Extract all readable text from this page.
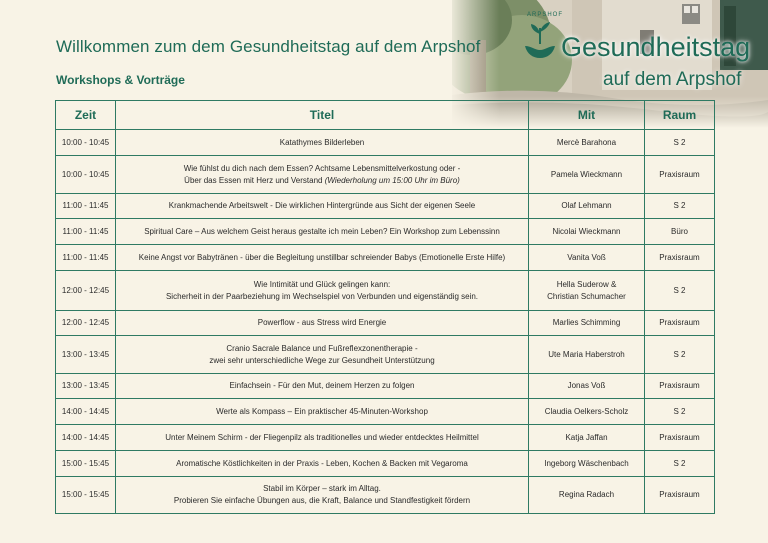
Willkommen zum dem Gesundheitstag auf dem Arpshof
Workshops & Vorträge
ARPSHOF
Gesundheitstag
auf dem Arpshof
Zeit	Titel	Mit	Raum
10:00 - 10:45	Katathymes Bilderleben	Mercè Barahona	S 2
10:00 - 10:45	Wie fühlst du dich nach dem Essen? Achtsame Lebensmittelverkostung oder -
Über das Essen mit Herz und Verstand (Wiederholung um 15:00 Uhr im Büro)	Pamela Wieckmann	Praxisraum
11:00 - 11:45	Krankmachende Arbeitswelt - Die wirklichen Hintergründe aus Sicht der eigenen Seele	Olaf Lehmann	S 2
11:00 - 11:45	Spiritual Care – Aus welchem Geist heraus gestalte ich mein Leben? Ein Workshop zum Lebenssinn	Nicolai Wieckmann	Büro
11:00 - 11:45	Keine Angst vor Babytränen - über die Begleitung unstillbar schreiender Babys (Emotionelle Erste Hilfe)	Vanita Voß	Praxisraum
12:00 - 12:45	Wie Intimität und Glück gelingen kann:
Sicherheit in der Paarbeziehung im Wechselspiel von Verbunden und eigenständig sein.	Hella Suderow &
Christian Schumacher	S 2
12:00 - 12:45	Powerflow - aus Stress wird Energie	Marlies Schimming	Praxisraum
13:00 - 13:45	Cranio Sacrale Balance und Fußreflexzonentherapie -
zwei sehr unterschiedliche Wege zur Gesundheit Unterstützung	Ute Maria Haberstroh	S 2
13:00 - 13:45	Einfachsein - Für den Mut, deinem Herzen zu folgen	Jonas Voß	Praxisraum
14:00 - 14:45	Werte als Kompass – Ein praktischer 45-Minuten-Workshop	Claudia Oelkers-Scholz	S 2
14:00 - 14:45	Unter Meinem Schirm - der Fliegenpilz als traditionelles und wieder entdecktes Heilmittel	Katja Jaffan	Praxisraum
15:00 - 15:45	Aromatische Köstlichkeiten in der Praxis - Leben, Kochen & Backen mit Vegaroma	Ingeborg Wäschenbach	S 2
15:00 - 15:45	Stabil im Körper – stark im Alltag.
Probieren Sie einfache Übungen aus, die Kraft, Balance und Standfestigkeit fördern	Regina Radach	Praxisraum
